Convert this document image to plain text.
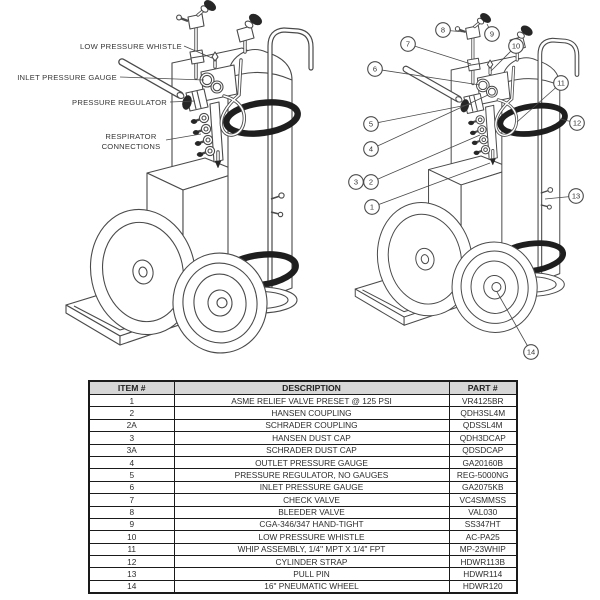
LOW PRESSURE WHISTLE
INLET PRESSURE GAUGE
PRESSURE REGULATOR
RESPIRATOR
CONNECTIONS
1
2
3
4
5
6
7
8	9
10
11
12
13
14
ITEM #	DESCRIPTION	PART #
1	ASME RELIEF VALVE PRESET @ 125 PSI	VR4125BR
2	HANSEN COUPLING	QDH3SL4M
2A	SCHRADER COUPLING	QDSSL4M
3	HANSEN DUST CAP	QDH3DCAP
3A	SCHRADER DUST CAP	QDSDCAP
4	OUTLET PRESSURE GAUGE	GA20160B
5	PRESSURE REGULATOR, NO GAUGES	REG-5000NG
6	INLET PRESSURE GAUGE	GA2075KB
7	CHECK VALVE	VC4SMMSS
8	BLEEDER VALVE	VAL030
9	CGA-346/347 HAND-TIGHT	SS347HT
10	LOW PRESSURE WHISTLE	AC-PA25
11	WHIP ASSEMBLY, 1/4" MPT X 1/4" FPT	MP-23WHIP
12	CYLINDER STRAP	HDWR113B
13	PULL PIN	HDWR114
14	16" PNEUMATIC WHEEL	HDWR120
